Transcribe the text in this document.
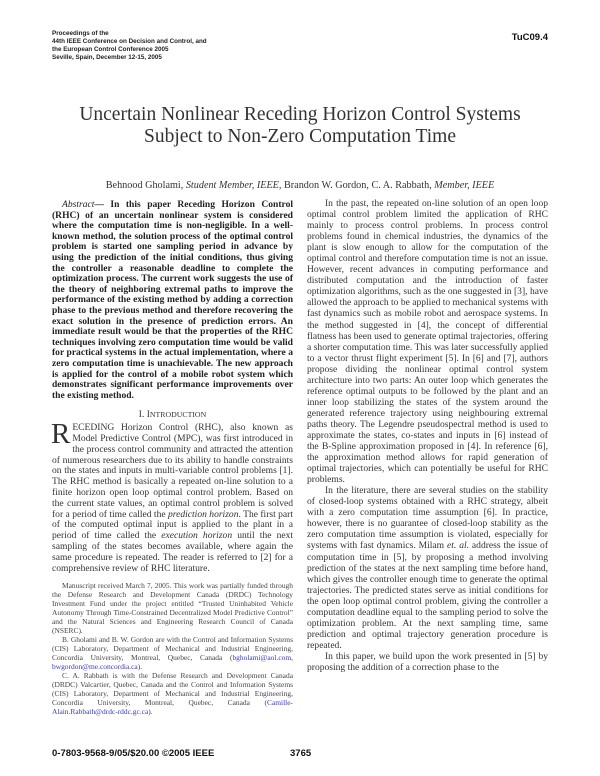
Proceedings of the
44th IEEE Conference on Decision and Control, and
the European Control Conference 2005
Seville, Spain, December 12-15, 2005
TuC09.4
Uncertain Nonlinear Receding Horizon Control Systems
Subject to Non-Zero Computation Time
Behnood Gholami, Student Member, IEEE, Brandon W. Gordon, C. A. Rabbath, Member, IEEE

Abstract— In this paper Receding Horizon Control (RHC) of an uncertain nonlinear system is considered where the computation time is non-negligible. In a well-known method, the solution process of the optimal control problem is started one sampling period in advance by using the prediction of the initial conditions, thus giving the controller a reasonable deadline to complete the optimization process. The current work suggests the use of the theory of neighboring extremal paths to improve the performance of the existing method by adding a correction phase to the previous method and therefore recovering the exact solution in the presence of prediction errors. An immediate result would be that the properties of the RHC techniques involving zero computation time would be valid for practical systems in the actual implementation, where a zero computation time is unachievable. The new approach is applied for the control of a mobile robot system which demonstrates significant performance improvements over the existing method.

I. INTRODUCTION

RECEDING Horizon Control (RHC), also known as Model Predictive Control (MPC), was first introduced in the process control community and attracted the attention of numerous researchers due to its ability to handle constraints on the states and inputs in multi-variable control problems [1]. The RHC method is basically a repeated on-line solution to a finite horizon open loop optimal control problem. Based on the current state values, an optimal control problem is solved for a period of time called the prediction horizon. The first part of the computed optimal input is applied to the plant in a period of time called the execution horizon until the next sampling of the states becomes available, where again the same procedure is repeated. The reader is referred to [2] for a comprehensive review of RHC literature.

Manuscript received March 7, 2005. This work was partially funded through the Defense Research and Development Canada (DRDC) Technology Investment Fund under the project entitled “Trusted Uninhabited Vehicle Autonomy Through Time-Constrained Decentralized Model Predictive Control” and the Natural Sciences and Engineering Research Council of Canada (NSERC).

B. Gholami and B. W. Gordon are with the Control and Information Systems (CIS) Laboratory, Department of Mechanical and Industrial Engineering, Concordia University, Montreal, Quebec, Canada (bgholami@aol.com, bwgordon@me.concordia.ca).

C. A. Rabbath is with the Defense Research and Development Canada (DRDC) Valcartier, Quebec, Canada and the Control and Information Systems (CIS) Laboratory, Department of Mechanical and Industrial Engineering, Concordia University, Montreal, Quebec, Canada (Camille-Alain.Rabbath@drdc-rddc.gc.ca).

In the past, the repeated on-line solution of an open loop optimal control problem limited the application of RHC mainly to process control problems. In process control problems found in chemical industries, the dynamics of the plant is slow enough to allow for the computation of the optimal control and therefore computation time is not an issue. However, recent advances in computing performance and distributed computation and the introduction of faster optimization algorithms, such as the one suggested in [3], have allowed the approach to be applied to mechanical systems with fast dynamics such as mobile robot and aerospace systems. In the method suggested in [4], the concept of differential flatness has been used to generate optimal trajectories, offering a shorter computation time. This was later successfully applied to a vector thrust flight experiment [5]. In [6] and [7], authors propose dividing the nonlinear optimal control system architecture into two parts: An outer loop which generates the reference optimal outputs to be followed by the plant and an inner loop stabilizing the states of the system around the generated reference trajectory using neighbouring extremal paths theory. The Legendre pseudospectral method is used to approximate the states, co-states and inputs in [6] instead of the B-Spline approximation proposed in [4]. In reference [6], the approximation method allows for rapid generation of optimal trajectories, which can potentially be useful for RHC problems.

In the literature, there are several studies on the stability of closed-loop systems obtained with a RHC strategy, albeit with a zero computation time assumption [6]. In practice, however, there is no guarantee of closed-loop stability as the zero computation time assumption is violated, especially for systems with fast dynamics. Milam et. al. address the issue of computation time in [5], by proposing a method involving prediction of the states at the next sampling time before hand, which gives the controller enough time to generate the optimal trajectories. The predicted states serve as initial conditions for the open loop optimal control problem, giving the controller a computation deadline equal to the sampling period to solve the optimization problem. At the next sampling time, same prediction and optimal trajectory generation procedure is repeated.

In this paper, we build upon the work presented in [5] by proposing the addition of a correction phase to the

0-7803-9568-9/05/$20.00 ©2005 IEEE	3765
